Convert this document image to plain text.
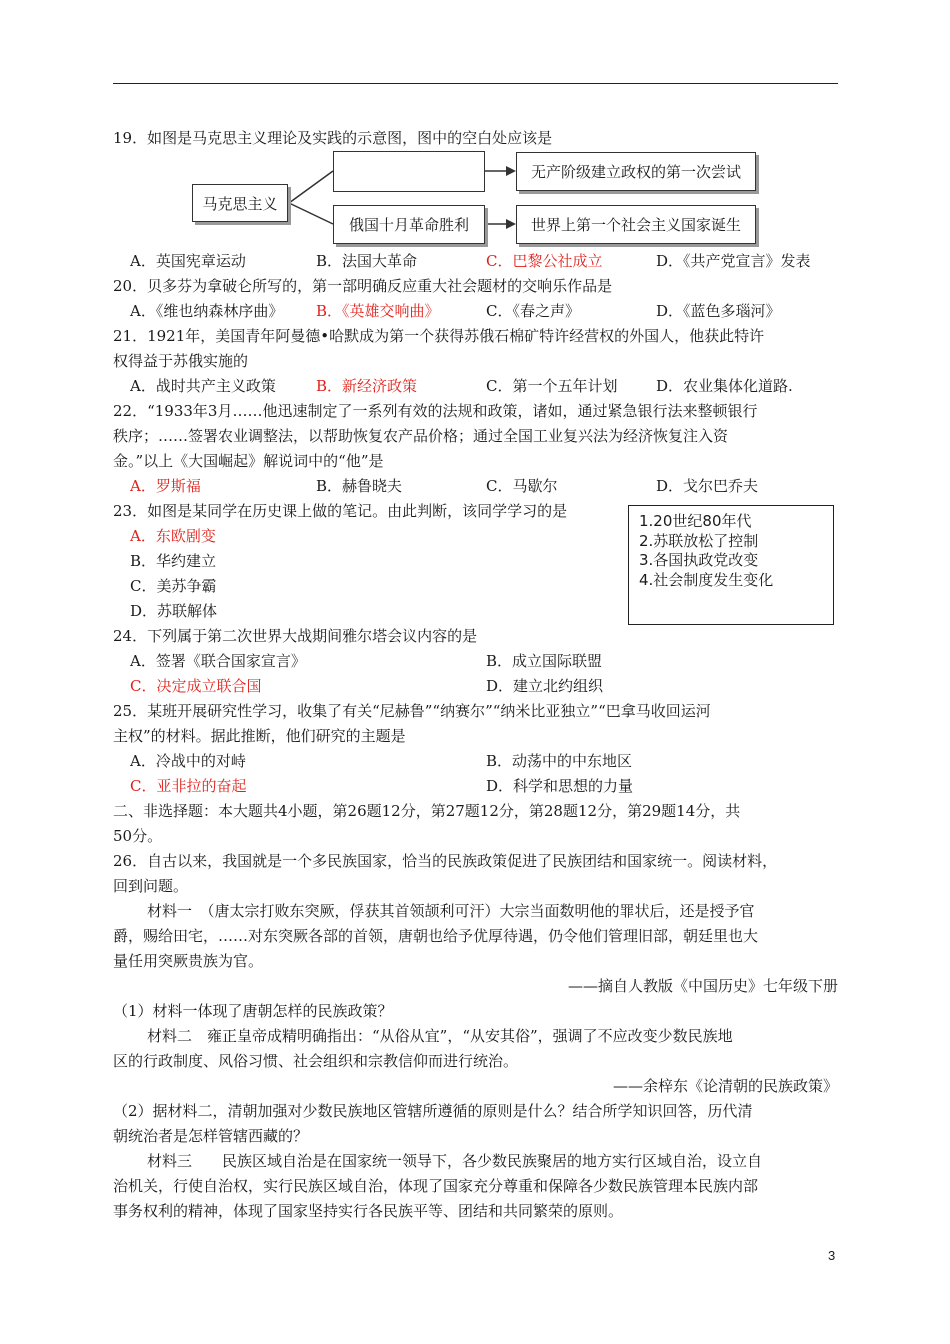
19．如图是马克思主义理论及实践的示意图，图中的空白处应该是
马克思主义
无产阶级建立政权的第一次尝试
俄国十月革命胜利	世界上第一个社会主义国家诞生
A．英国宪章运动	B．法国大革命	C．巴黎公社成立	D．《共产党宣言》发表
20．贝多芬为拿破仑所写的，第一部明确反应重大社会题材的交响乐作品是
A．《维也纳森林序曲》 B．《英雄交响曲》	C．《春之声》	D．《蓝色多瑙河》
21．1921年，美国青年阿曼德•哈默成为第一个获得苏俄石棉矿特许经营权的外国人，他获此特许
权得益于苏俄实施的
A．战时共产主义政策	B．新经济政策	C．第一个五年计划	D．农业集体化道路.
22．“1933年3月……他迅速制定了一系列有效的法规和政策，诸如，通过紧急银行法来整顿银行
秩序；……签署农业调整法，以帮助恢复农产品价格；通过全国工业复兴法为经济恢复注入资
金。”以上《大国崛起》解说词中的“他”是
A．罗斯福	B．赫鲁晓夫	C．马歇尔	D．戈尔巴乔夫
23．如图是某同学在历史课上做的笔记。由此判断，该同学学习的是
A．东欧剧变
B．华约建立
C．美苏争霸
D．苏联解体
1.20世纪80年代
2.苏联放松了控制
3.各国执政党改变
4.社会制度发生变化
24．下列属于第二次世界大战期间雅尔塔会议内容的是
A．签署《联合国家宣言》	B．成立国际联盟
C．决定成立联合国	D．建立北约组织
25．某班开展研究性学习，收集了有关“尼赫鲁”“纳赛尔”“纳米比亚独立”“巴拿马收回运河
主权”的材料。据此推断，他们研究的主题是
A．冷战中的对峙	B．动荡中的中东地区
C．亚非拉的奋起	D．科学和思想的力量
二、非选择题：本大题共4小题，第26题12分，第27题12分，第28题12分，第29题14分，共
50分。
26．自古以来，我国就是一个多民族国家，恰当的民族政策促进了民族团结和国家统一。阅读材料，
回到问题。
材料一　（唐太宗打败东突厥，俘获其首领颉利可汗）大宗当面数明他的罪状后，还是授予官
爵，赐给田宅，……对东突厥各部的首领，唐朝也给予优厚待遇，仍令他们管理旧部，朝廷里也大
量任用突厥贵族为官。
——摘自人教版《中国历史》七年级下册
（1）材料一体现了唐朝怎样的民族政策？
材料二　雍正皇帝成精明确指出：“从俗从宜”，“从安其俗”，强调了不应改变少数民族地
区的行政制度、风俗习惯、社会组织和宗教信仰而进行统治。
——余梓东《论清朝的民族政策》
（2）据材料二，清朝加强对少数民族地区管辖所遵循的原则是什么？结合所学知识回答，历代清
朝统治者是怎样管辖西藏的？
材料三　　民族区域自治是在国家统一领导下，各少数民族聚居的地方实行区域自治，设立自
治机关，行使自治权，实行民族区域自治，体现了国家充分尊重和保障各少数民族管理本民族内部
事务权利的精神，体现了国家坚持实行各民族平等、团结和共同繁荣的原则。
3
